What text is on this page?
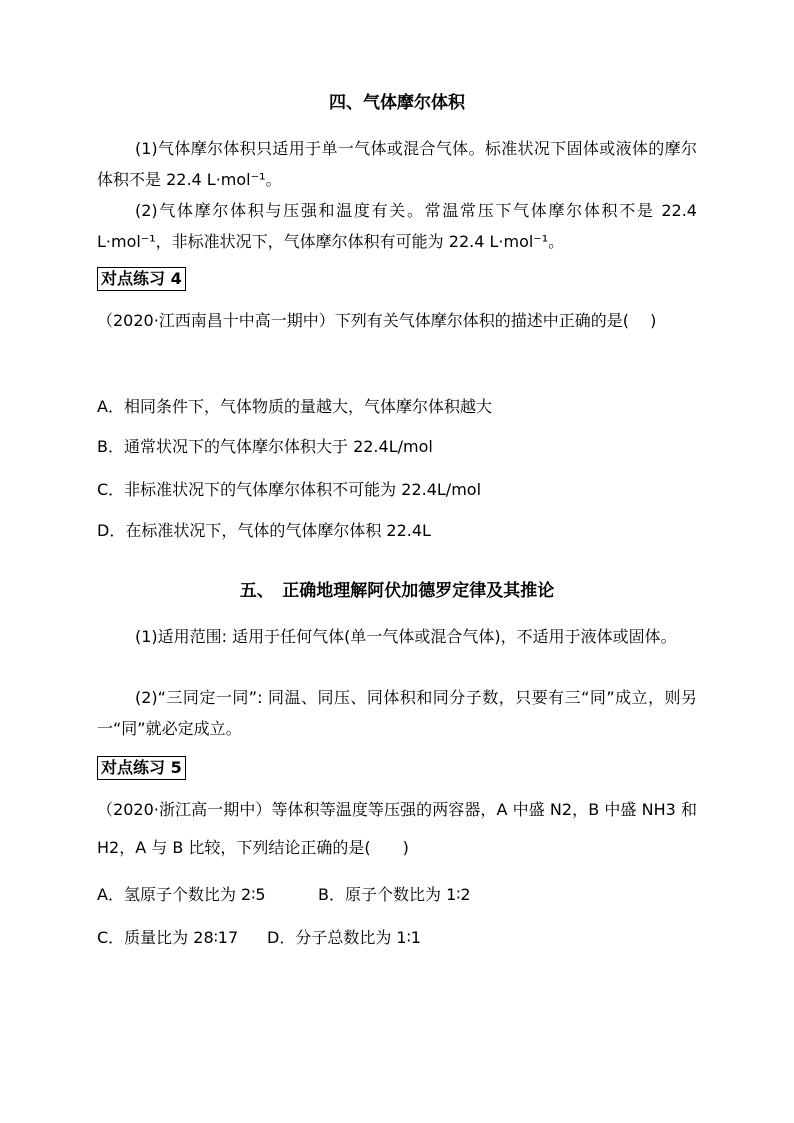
四、气体摩尔体积
(1)气体摩尔体积只适用于单一气体或混合气体。标准状况下固体或液体的摩尔体积不是 22.4 L·mol⁻¹。
(2)气体摩尔体积与压强和温度有关。常温常压下气体摩尔体积不是 22.4 L·mol⁻¹，非标准状况下，气体摩尔体积有可能为 22.4 L·mol⁻¹。
对点练习 4
（2020·江西南昌十中高一期中）下列有关气体摩尔体积的描述中正确的是(　 )
A．相同条件下，气体物质的量越大，气体摩尔体积越大
B．通常状况下的气体摩尔体积大于 22.4L/mol
C．非标准状况下的气体摩尔体积不可能为 22.4L/mol
D．在标准状况下，气体的气体摩尔体积 22.4L
五、　正确地理解阿伏加德罗定律及其推论
(1)适用范围: 适用于任何气体(单一气体或混合气体)，不适用于液体或固体。
(2)“三同定一同”: 同温、同压、同体积和同分子数，只要有三“同”成立，则另一“同”就必定成立。
对点练习 5
（2020·浙江高一期中）等体积等温度等压强的两容器，A 中盛 N2，B 中盛 NH3 和 H2，A 与 B 比较，下列结论正确的是(　　)
A．氢原子个数比为 2∶5	B．原子个数比为 1∶2
C．质量比为 28∶17 D．分子总数比为 1∶1
